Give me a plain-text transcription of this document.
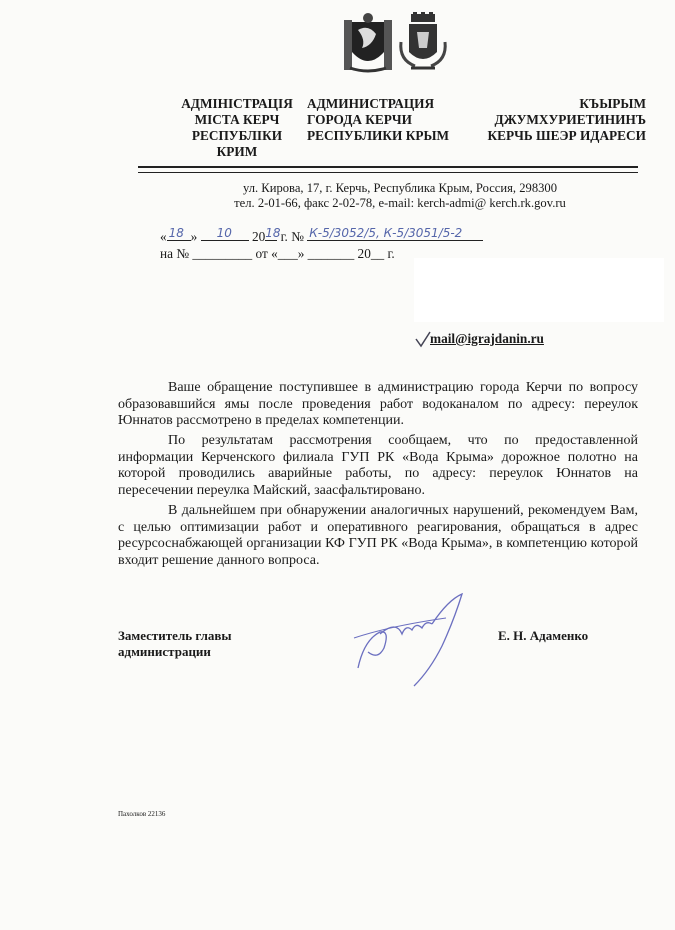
АДМІНІСТРАЦІЯ
МІСТА КЕРЧ
РЕСПУБЛІКИ
КРИМ
АДМИНИСТРАЦИЯ
ГОРОДА КЕРЧИ
РЕСПУБЛИКИ КРЫМ
КЪЫРЫМ
ДЖУМХУРИЕТИНИНЪ
КЕРЧЬ ШЕЭР ИДАРЕСИ
ул. Кирова, 17, г. Керчь, Республика Крым, Россия, 298300
тел. 2-01-66, факс 2-02-78, e-mail: kerch-admi@ kerch.rk.gov.ru
« 18 » 10 20 18 г. № К-5/3052/5, К-5/3051/5-2
на № _________ от «___» _______ 20__ г.
mail@igrajdanin.ru

Ваше обращение поступившее в администрацию города Керчи по вопросу образовавшийся ямы после проведения работ водоканалом по адресу: переулок Юннатов рассмотрено в пределах компетенции.

По результатам рассмотрения сообщаем, что по предоставленной информации Керченского филиала ГУП РК «Вода Крыма» дорожное полотно на которой проводились аварийные работы, по адресу: переулок Юннатов на пересечении переулка Майский, заасфальтировано.

В дальнейшем при обнаружении аналогичных нарушений, рекомендуем Вам, с целью оптимизации работ и оперативного реагирования, обращаться в адрес ресурсоснабжающей организации КФ ГУП РК «Вода Крыма», в компетенцию которой входит решение данного вопроса.

Заместитель главы
администрации
Е. Н. Адаменко
Пахолков 22136
